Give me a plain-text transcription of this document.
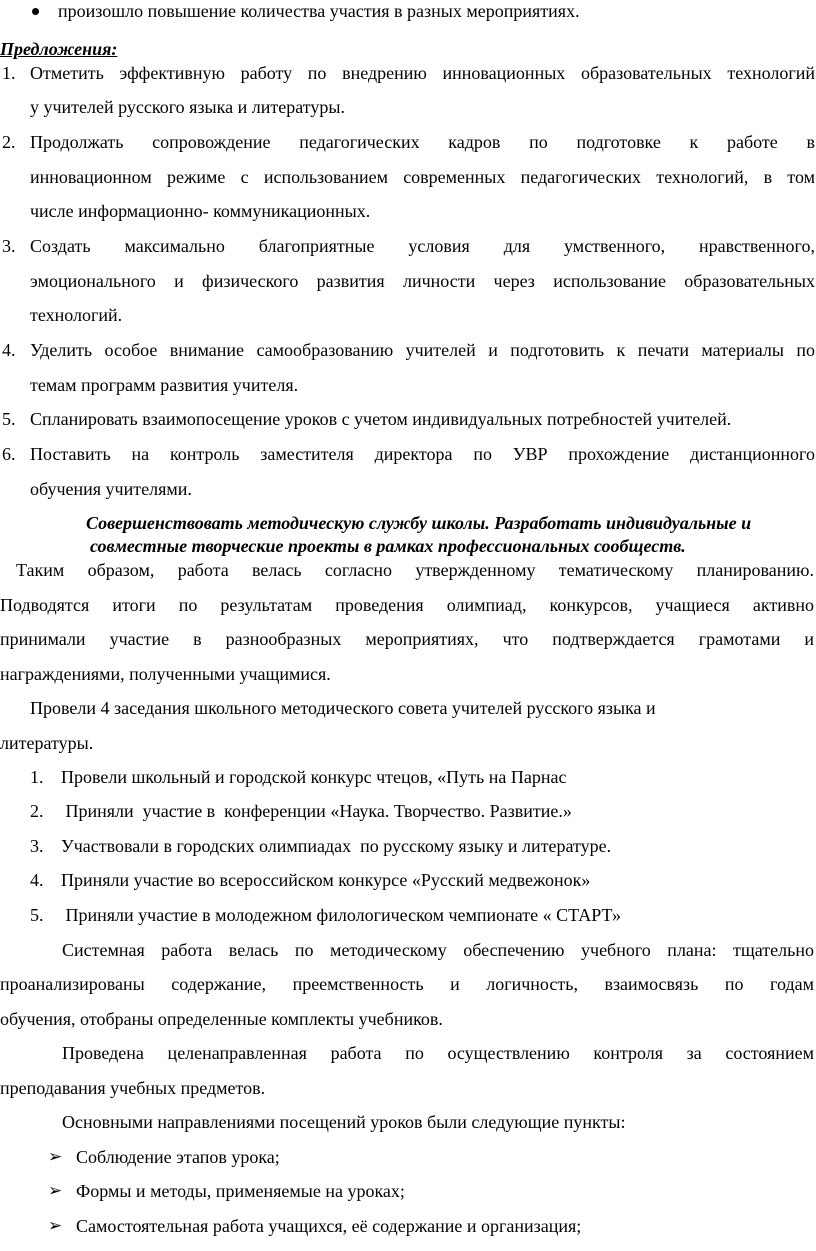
произошло повышение количества участия в разных мероприятиях.
Предложения:
1. Отметить эффективную работу по внедрению инновационных образовательных технологий
у учителей русского языка и литературы.
2. Продолжать сопровождение педагогических кадров по подготовке к работе в
инновационном режиме с использованием современных педагогических технологий, в том
числе информационно- коммуникационных.
3. Создать максимально благоприятные условия для умственного, нравственного,
эмоционального и физического развития личности через использование образовательных
технологий.
4. Уделить особое внимание самообразованию учителей и подготовить к печати материалы по
темам программ развития учителя.
5. Спланировать взаимопосещение уроков с учетом индивидуальных потребностей учителей.
6. Поставить на контроль заместителя директора по УВР прохождение дистанционного
обучения учителями.
Совершенствовать методическую службу школы. Разработать индивидуальные и
совместные творческие проекты в рамках профессиональных сообществ.
Таким образом, работа велась согласно утвержденному тематическому планированию.
Подводятся итоги по результатам проведения олимпиад, конкурсов, учащиеся активно
принимали участие в разнообразных мероприятиях, что подтверждается грамотами и
награждениями, полученными учащимися.
Провели 4 заседания школьного методического совета учителей русского языка и
литературы.
1. Провели школьный и городской конкурс чтецов, «Путь на Парнас
2. Приняли  участие в  конференции «Наука. Творчество. Развитие.»
3. Участвовали в городских олимпиадах  по русскому языку и литературе.
4. Приняли участие во всероссийском конкурсе «Русский медвежонок»
5. Приняли участие в молодежном филологическом чемпионате « СТАРТ»
Системная работа велась по методическому обеспечению учебного плана: тщательно
проанализированы содержание, преемственность и логичность, взаимосвязь по годам
обучения, отобраны определенные комплекты учебников.
Проведена целенаправленная работа по осуществлению контроля за состоянием
преподавания учебных предметов.
Основными направлениями посещений уроков были следующие пункты:
➢ Соблюдение этапов урока;
➢ Формы и методы, применяемые на уроках;
➢ Самостоятельная работа учащихся, её содержание и организация;
